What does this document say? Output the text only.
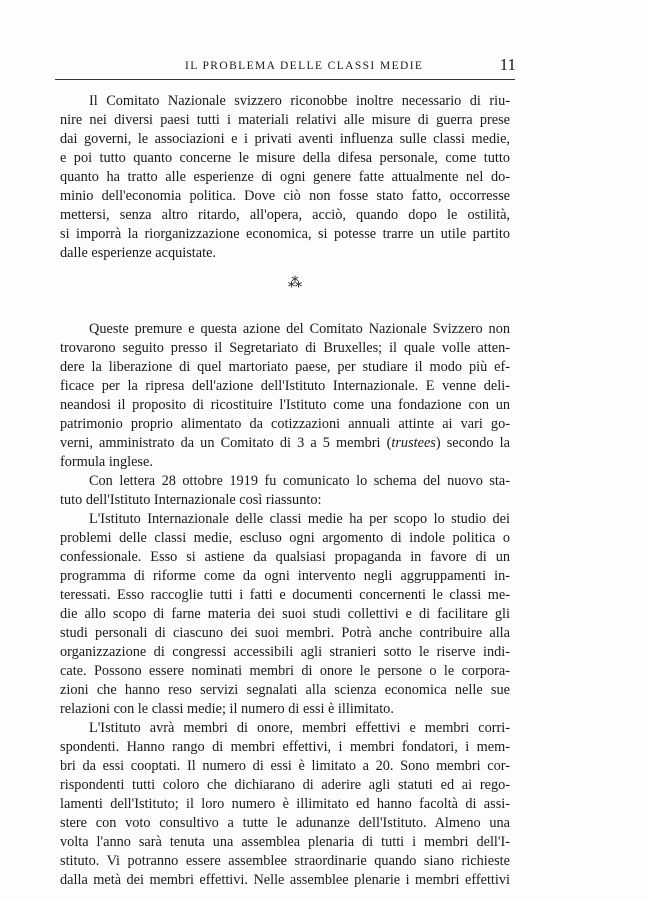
IL PROBLEMA DELLE CLASSI MEDIE	11
Il Comitato Nazionale svizzero riconobbe inoltre necessario di riu-
nire nei diversi paesi tutti i materiali relativi alle misure di guerra prese
dai governi, le associazioni e i privati aventi influenza sulle classi medie,
e poi tutto quanto concerne le misure della difesa personale, come tutto
quanto ha tratto alle esperienze di ogni genere fatte attualmente nel do-
minio dell'economia politica. Dove ciò non fosse stato fatto, occorresse
mettersi, senza altro ritardo, all'opera, acciò, quando dopo le ostilità,
si imporrà la riorganizzazione economica, si potesse trarre un utile partito
dalle esperienze acquistate.
⁂
Queste premure e questa azione del Comitato Nazionale Svizzero non
trovarono seguito presso il Segretariato di Bruxelles; il quale volle atten-
dere la liberazione di quel martoriato paese, per studiare il modo più ef-
ficace per la ripresa dell'azione dell'Istituto Internazionale. E venne deli-
neandosi il proposito di ricostituire l'Istituto come una fondazione con un
patrimonio proprio alimentato da cotizzazioni annuali attinte ai vari go-
verni, amministrato da un Comitato di 3 a 5 membri (trustees) secondo la
formula inglese.
Con lettera 28 ottobre 1919 fu comunicato lo schema del nuovo sta-
tuto dell'Istituto Internazionale così riassunto:
L'Istituto Internazionale delle classi medie ha per scopo lo studio dei
problemi delle classi medie, escluso ogni argomento di indole politica o
confessionale. Esso si astiene da qualsiasi propaganda in favore di un
programma di riforme come da ogni intervento negli aggruppamenti in-
teressati. Esso raccoglie tutti i fatti e documenti concernenti le classi me-
die allo scopo di farne materia dei suoi studi collettivi e di facilitare gli
studi personali di ciascuno dei suoi membri. Potrà anche contribuire alla
organizzazione di congressi accessibili agli stranieri sotto le riserve indi-
cate. Possono essere nominati membri di onore le persone o le corpora-
zioni che hanno reso servizi segnalati alla scienza economica nelle sue
relazioni con le classi medie; il numero di essi è illimitato.
L'Istituto avrà membri di onore, membri effettivi e membri corri-
spondenti. Hanno rango di membri effettivi, i membri fondatori, i mem-
bri da essi cooptati. Il numero di essi è limitato a 20. Sono membri cor-
rispondenti tutti coloro che dichiarano di aderire agli statuti ed ai rego-
lamenti dell'Istituto; il loro numero è illimitato ed hanno facoltà di assi-
stere con voto consultivo a tutte le adunanze dell'Istituto. Almeno una
volta l'anno sarà tenuta una assemblea plenaria di tutti i membri dell'I-
stituto. Vi potranno essere assemblee straordinarie quando siano richieste
dalla metà dei membri effettivi. Nelle assemblee plenarie i membri effettivi
